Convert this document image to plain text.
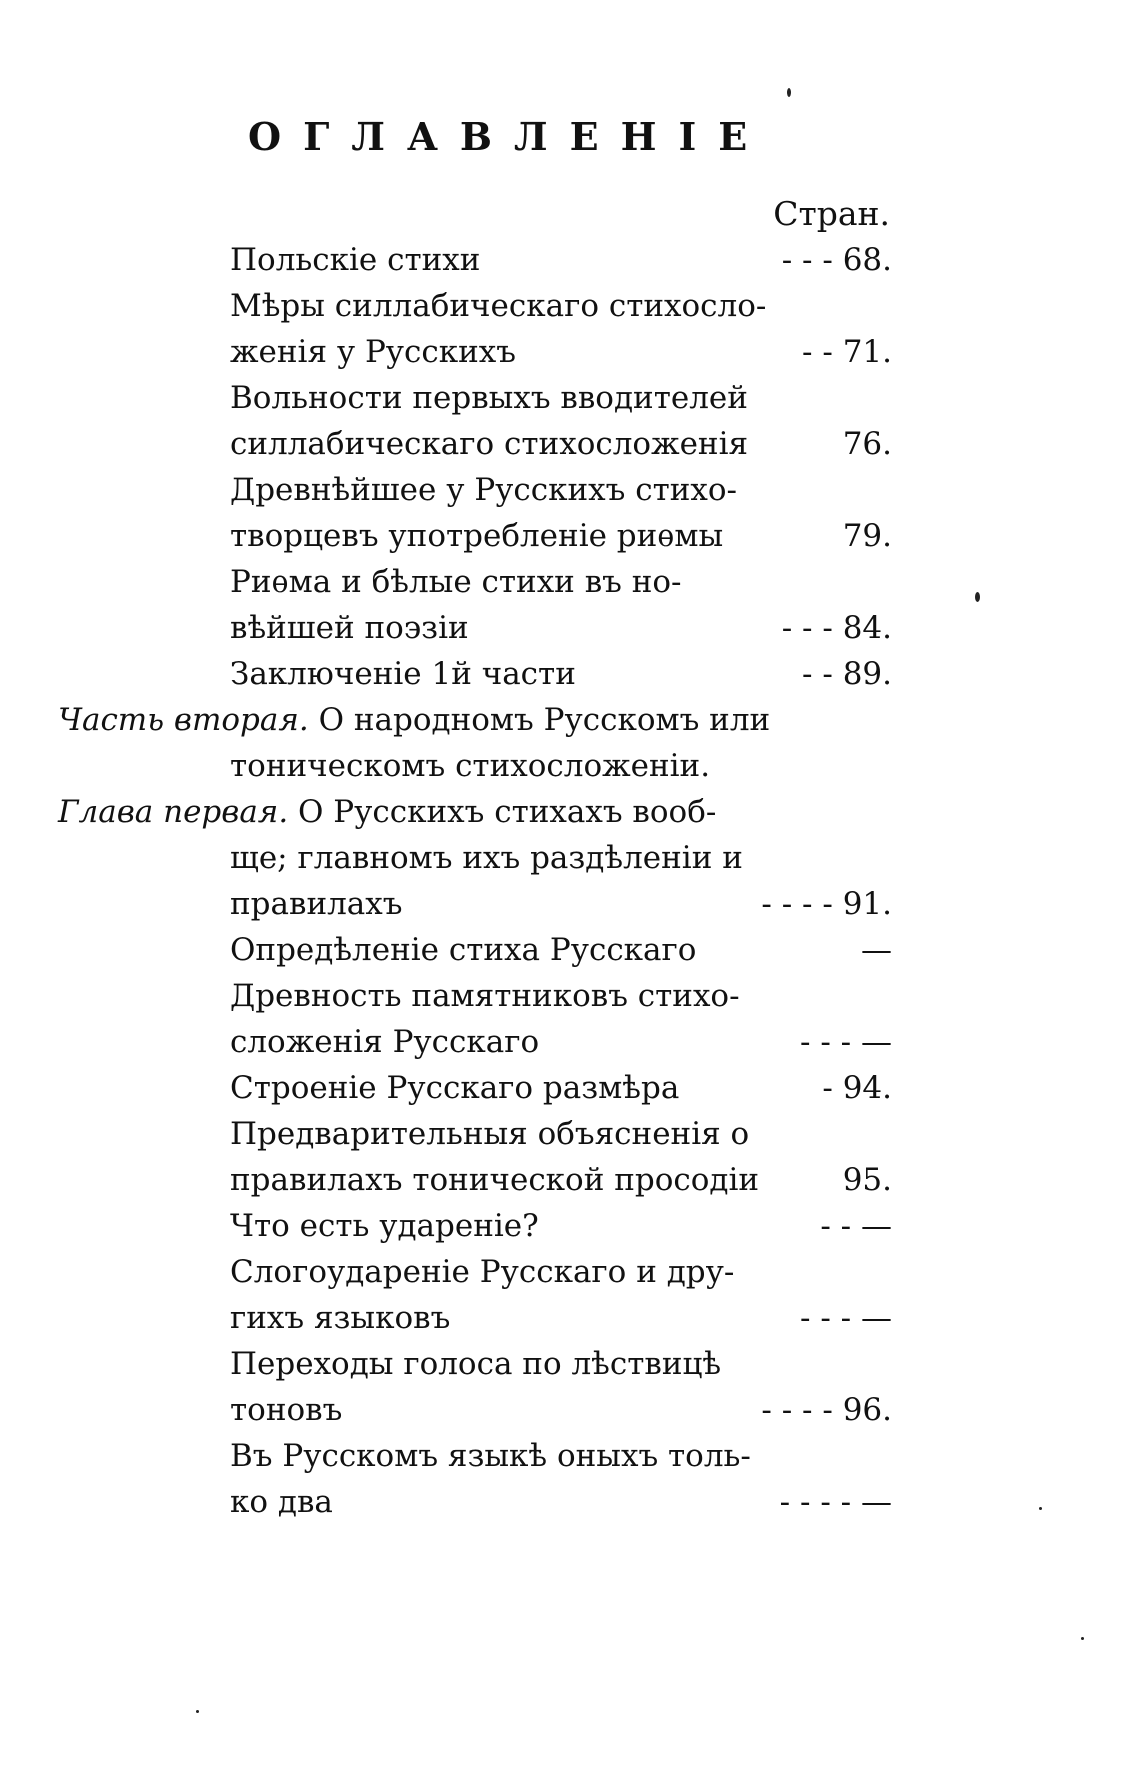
ОГЛАВЛЕНІЕ
Стран.
Польскіе стихи	- - - 68.
Мѣры силлабическаго стихосло-
женія у Русскихъ	- - 71.
Вольности первыхъ вводителей
силлабическаго стихосложенія	76.
Древнѣйшее у Русскихъ стихо-
творцевъ употребленіе риѳмы	79.
Риѳма и бѣлые стихи въ но-
вѣйшей поэзіи	- - - 84.
Заключеніе 1й части	- - 89.
Часть вторая. О народномъ Русскомъ или
тоническомъ стихосложеніи.
Глава первая. О Русскихъ стихахъ вооб-
ще; главномъ ихъ раздѣленіи и
правилахъ	- - - - 91.
Опредѣленіе стиха Русскаго	—
Древность памятниковъ стихо-
сложенія Русскаго	- - - —
Строеніе Русскаго размѣра	- 94.
Предварительныя объясненія о
правилахъ тонической просодіи	95.
Что есть удареніе?	- - —
Слогоудареніе Русскаго и дру-
гихъ языковъ	- - - —
Переходы голоса по лѣствицѣ
тоновъ	- - - - 96.
Въ Русскомъ языкѣ оныхъ толь-
ко два	- - - - —
